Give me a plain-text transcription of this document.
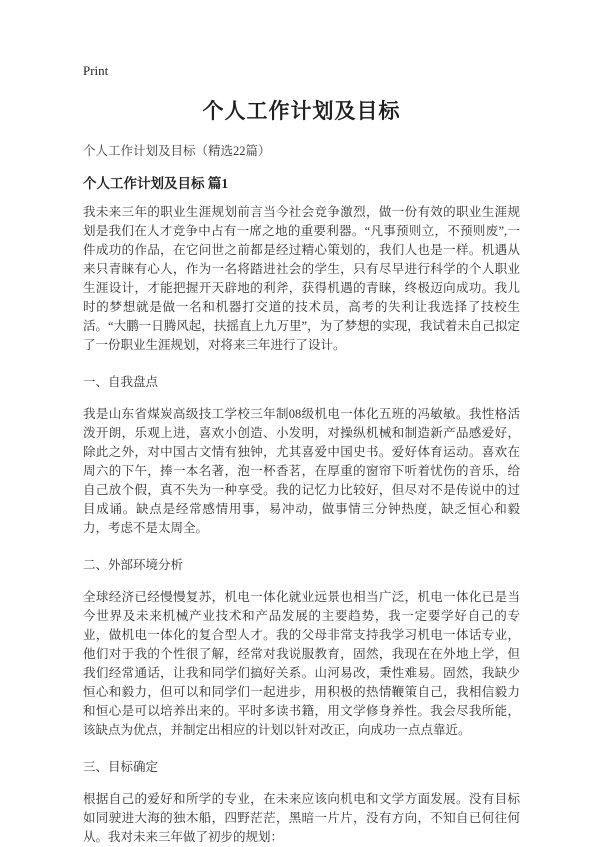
Print
个人工作计划及目标
个人工作计划及目标（精选22篇）
个人工作计划及目标 篇1

我未来三年的职业生涯规划前言当今社会竞争激烈，做一份有效的职业生涯规划是我们在人才竞争中占有一席之地的重要利器。“凡事预则立，不预则废”,一件成功的作品，在它问世之前都是经过精心策划的，我们人也是一样。机遇从来只青睐有心人，作为一名将踏进社会的学生，只有尽早进行科学的个人职业生涯设计，才能把握开天辟地的利斧，获得机遇的青睐，终极迈向成功。我儿时的梦想就是做一名和机器打交道的技术员，高考的失利让我选择了技校生活。“大鹏一日腾风起，扶摇直上九万里”，为了梦想的实现，我试着未自己拟定了一份职业生涯规划，对将来三年进行了设计。

一、自我盘点

我是山东省煤炭高级技工学校三年制08级机电一体化五班的冯敏敏。我性格活泼开朗，乐观上进，喜欢小创造、小发明，对操纵机械和制造新产品感爱好，除此之外，对中国古文情有独钟，尤其喜爱中国史书。爱好体育运动。喜欢在周六的下午，捧一本名著，泡一杯香茗，在厚重的窗帘下听着忧伤的音乐，给自己放个假，真不失为一种享受。我的记忆力比较好，但尽对不是传说中的过目成诵。缺点是经常感情用事，易冲动，做事情三分钟热度，缺乏恒心和毅力，考虑不是太周全。

二、外部环境分析

全球经济已经慢慢复苏，机电一体化就业远景也相当广泛，机电一体化已是当今世界及未来机械产业技术和产品发展的主要趋势，我一定要学好自己的专业，做机电一体化的复合型人才。我的父母非常支持我学习机电一体话专业，他们对于我的个性很了解，经常对我说服教育，固然，我现在在外地上学，但我们经常通话，让我和同学们搞好关系。山河易改，秉性难易。固然，我缺少恒心和毅力，但可以和同学们一起进步，用积极的热情鞭策自己，我相信毅力和恒心是可以培养出来的。平时多读书籍，用文学修身养性。我会尽我所能，该缺点为优点，并制定出相应的计划以针对改正，向成功一点点靠近。

三、目标确定

根据自己的爱好和所学的专业，在未来应该向机电和文学方面发展。没有目标如同驶进大海的独木船，四野茫茫，黑暗一片片，没有方向，不知自已何往何从。我对未来三年做了初步的规划：
